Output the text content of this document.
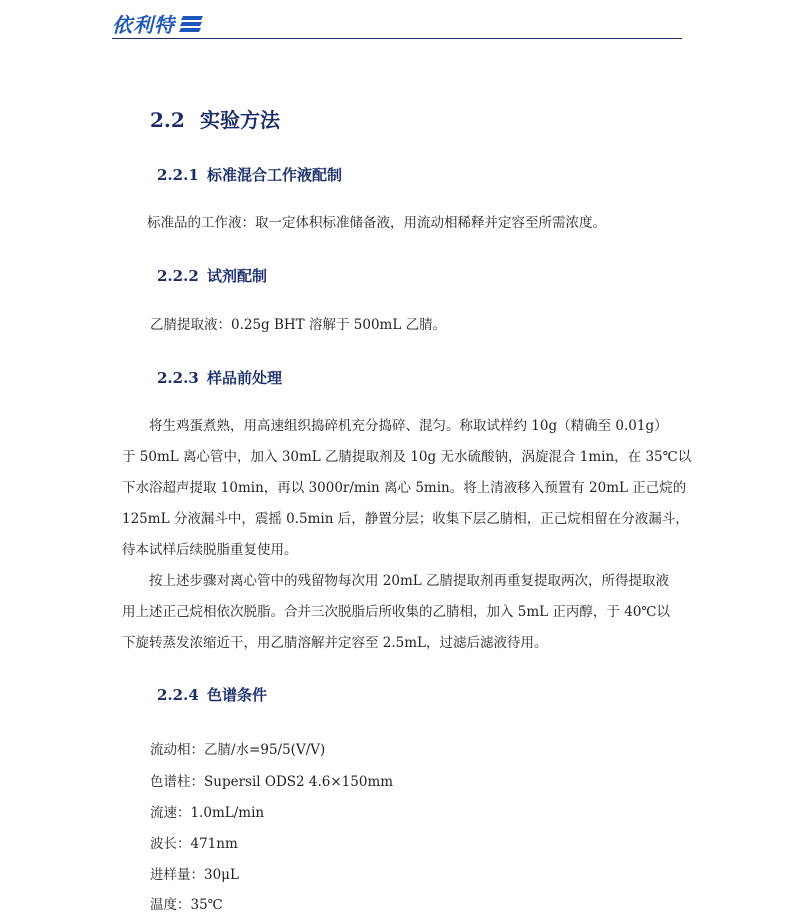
依利特
2.2 实验方法
2.2.1 标准混合工作液配制
标准品的工作液：取一定体积标准储备液，用流动相稀释并定容至所需浓度。
2.2.2 试剂配制
乙腈提取液：0.25g BHT 溶解于 500mL 乙腈。
2.2.3 样品前处理
将生鸡蛋煮熟，用高速组织捣碎机充分捣碎、混匀。称取试样约 10g（精确至 0.01g）
于 50mL 离心管中，加入 30mL 乙腈提取剂及 10g 无水硫酸钠，涡旋混合 1min，在 35℃以
下水浴超声提取 10min，再以 3000r/min 离心 5min。将上清液移入预置有 20mL 正己烷的
125mL 分液漏斗中，震摇 0.5min 后，静置分层；收集下层乙腈相，正己烷相留在分液漏斗，
待本试样后续脱脂重复使用。
按上述步骤对离心管中的残留物每次用 20mL 乙腈提取剂再重复提取两次，所得提取液
用上述正己烷相依次脱脂。合并三次脱脂后所收集的乙腈相，加入 5mL 正丙醇，于 40℃以
下旋转蒸发浓缩近干，用乙腈溶解并定容至 2.5mL，过滤后滤液待用。
2.2.4 色谱条件
流动相：乙腈/水=95/5(V/V)
色谱柱：Supersil ODS2 4.6×150mm
流速：1.0mL/min
波长：471nm
进样量：30μL
温度：35℃
